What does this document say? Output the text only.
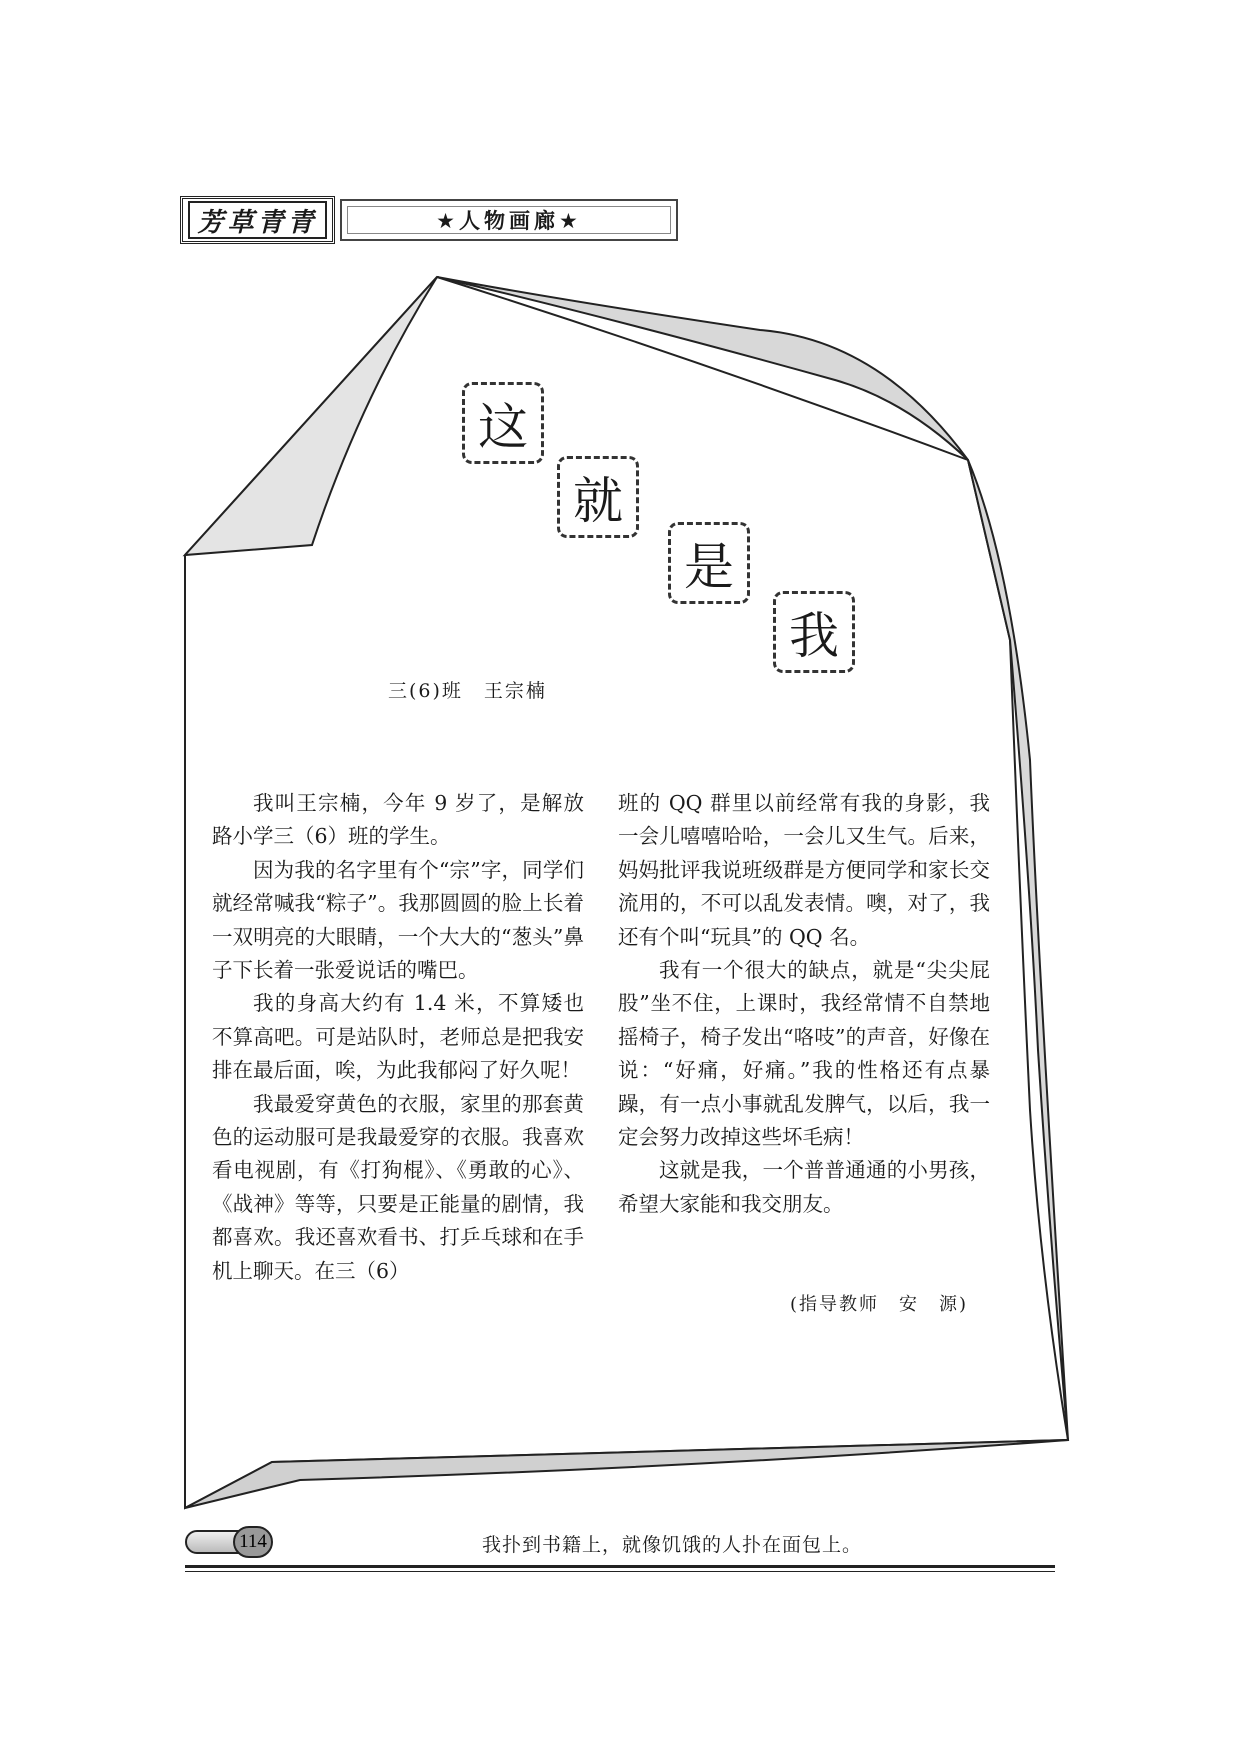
芳草青青	★人物画廊★
这
就
是
我
三(6)班　王宗楠

我叫王宗楠，今年 9 岁了，是解放路小学三（6）班的学生。

因为我的名字里有个“宗”字，同学们就经常喊我“粽子”。我那圆圆的脸上长着一双明亮的大眼睛，一个大大的“葱头”鼻子下长着一张爱说话的嘴巴。

我的身高大约有 1.4 米，不算矮也不算高吧。可是站队时，老师总是把我安排在最后面，唉，为此我郁闷了好久呢！

我最爱穿黄色的衣服，家里的那套黄色的运动服可是我最爱穿的衣服。我喜欢看电视剧，有《打狗棍》、《勇敢的心》、《战神》等等，只要是正能量的剧情，我都喜欢。我还喜欢看书、打乒乓球和在手机上聊天。在三（6）

班的 QQ 群里以前经常有我的身影，我一会儿嘻嘻哈哈，一会儿又生气。后来，妈妈批评我说班级群是方便同学和家长交流用的，不可以乱发表情。噢，对了，我还有个叫“玩具”的 QQ 名。

我有一个很大的缺点，就是“尖尖屁股”坐不住，上课时，我经常情不自禁地摇椅子，椅子发出“咯吱”的声音，好像在说：“好痛，好痛。”我的性格还有点暴躁，有一点小事就乱发脾气，以后，我一定会努力改掉这些坏毛病！

这就是我，一个普普通通的小男孩，希望大家能和我交朋友。

(指导教师　安　源)
114	我扑到书籍上，就像饥饿的人扑在面包上。
